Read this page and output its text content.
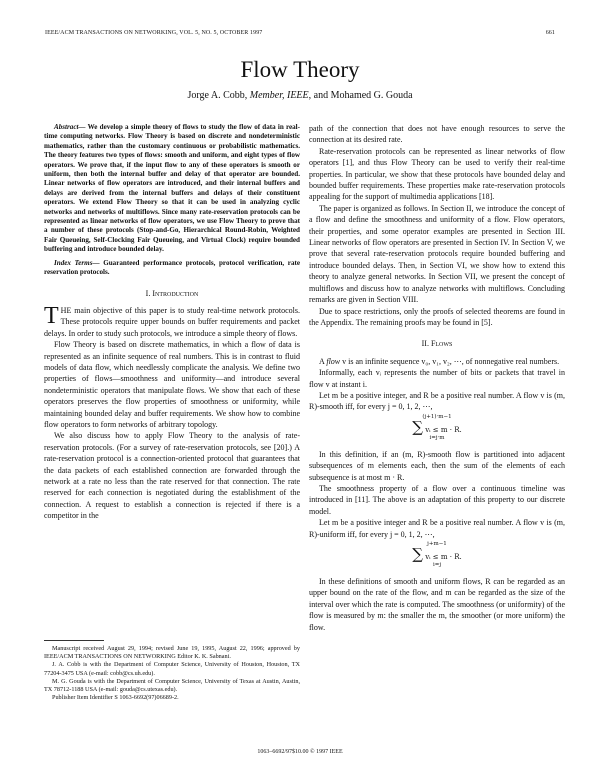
IEEE/ACM TRANSACTIONS ON NETWORKING, VOL. 5, NO. 5, OCTOBER 1997	661
Flow Theory
Jorge A. Cobb, Member, IEEE, and Mohamed G. Gouda

Abstract— We develop a simple theory of flows to study the flow of data in real-time computing networks. Flow Theory is based on discrete and nondeterministic mathematics, rather than the customary continuous or probabilistic mathematics. The theory features two types of flows: smooth and uniform, and eight types of flow operators. We prove that, if the input flow to any of these operators is smooth or uniform, then both the internal buffer and delay of that operator are bounded. Linear networks of flow operators are introduced, and their internal buffers and delays are derived from the internal buffers and delays of their constituent operators. We extend Flow Theory so that it can be used in analyzing cyclic networks and networks of multiflows. Since many rate-reservation protocols can be represented as linear networks of flow operators, we use Flow Theory to prove that a number of these protocols (Stop-and-Go, Hierarchical Round-Robin, Weighted Fair Queueing, Self-Clocking Fair Queueing, and Virtual Clock) require bounded buffering and introduce bounded delay.

Index Terms— Guaranteed performance protocols, protocol verification, rate reservation protocols.

I. Introduction

THE main objective of this paper is to study real-time network protocols. These protocols require upper bounds on buffer requirements and packet delays. In order to study such protocols, we introduce a simple theory of flows.

Flow Theory is based on discrete mathematics, in which a flow of data is represented as an infinite sequence of real numbers. This is in contrast to fluid models of data flow, which needlessly complicate the analysis. We define two properties of flows—smoothness and uniformity—and introduce several nondeterministic operators that manipulate flows. We show that each of these operators preserves the flow properties of smoothness or uniformity, while maintaining bounded delay and buffer requirements. We show how to combine flow operators to form networks of arbitrary topology.

We also discuss how to apply Flow Theory to the analysis of rate-reservation protocols. (For a survey of rate-reservation protocols, see [20].) A rate-reservation protocol is a connection-oriented protocol that guarantees that the data packets of each established connection are forwarded through the network at a rate no less than the rate reserved for that connection. The rate reserved for each connection is negotiated during the establishment of the connection. A request to establish a connection is rejected if there is a competitor in the

Manuscript received August 29, 1994; revised June 19, 1995, August 22, 1996; approved by IEEE/ACM TRANSACTIONS ON NETWORKING Editor K. K. Sabnani.

J. A. Cobb is with the Department of Computer Science, University of Houston, Houston, TX 77204-3475 USA (e-mail: cobb@cs.uh.edu).

M. G. Gouda is with the Department of Computer Science, University of Texas at Austin, Austin, TX 78712-1188 USA (e-mail: gouda@cs.utexas.edu).

Publisher Item Identifier S 1063-6692(97)06689-2.

path of the connection that does not have enough resources to serve the connection at its desired rate.

Rate-reservation protocols can be represented as linear networks of flow operators [1], and thus Flow Theory can be used to verify their real-time properties. In particular, we show that these protocols have bounded delay and bounded buffer requirements. These properties make rate-reservation protocols appealing for the support of multimedia applications [18].

The paper is organized as follows. In Section II, we introduce the concept of a flow and define the smoothness and uniformity of a flow. Flow operators, their properties, and some operator examples are presented in Section III. Linear networks of flow operators are presented in Section IV. In Section V, we prove that several rate-reservation protocols require bounded buffering and introduce bounded delays. Then, in Section VI, we show how to extend this theory to analyze general networks. In Section VII, we present the concept of multiflows and discuss how to analyze networks with multiflows. Concluding remarks are given in Section VIII.

Due to space restrictions, only the proofs of selected theorems are found in the Appendix. The remaining proofs may be found in [5].

II. Flows

A flow v is an infinite sequence v₀, v₁, v₂, ⋯, of nonnegative real numbers.

Informally, each vᵢ represents the number of bits or packets that travel in flow v at instant i.

Let m be a positive integer, and R be a positive real number. A flow v is (m, R)-smooth iff, for every j = 0, 1, 2, ⋯,

(j+1)·m−1
∑ vᵢ ≤ m · R.
i=j·m

In this definition, if an (m, R)-smooth flow is partitioned into adjacent subsequences of m elements each, then the sum of the elements of each subsequence is at most m · R.

The smoothness property of a flow over a continuous timeline was introduced in [11]. The above is an adaptation of this property to our discrete model.

Let m be a positive integer and R be a positive real number. A flow v is (m, R)-uniform iff, for every j = 0, 1, 2, ⋯,

j+m−1
∑ vᵢ ≤ m · R.
i=j

In these definitions of smooth and uniform flows, R can be regarded as an upper bound on the rate of the flow, and m can be regarded as the size of the interval over which the rate is computed. The smoothness (or uniformity) of the flow is measured by m: the smaller the m, the smoother (or more uniform) the flow.

1063–6692/97$10.00 © 1997 IEEE
